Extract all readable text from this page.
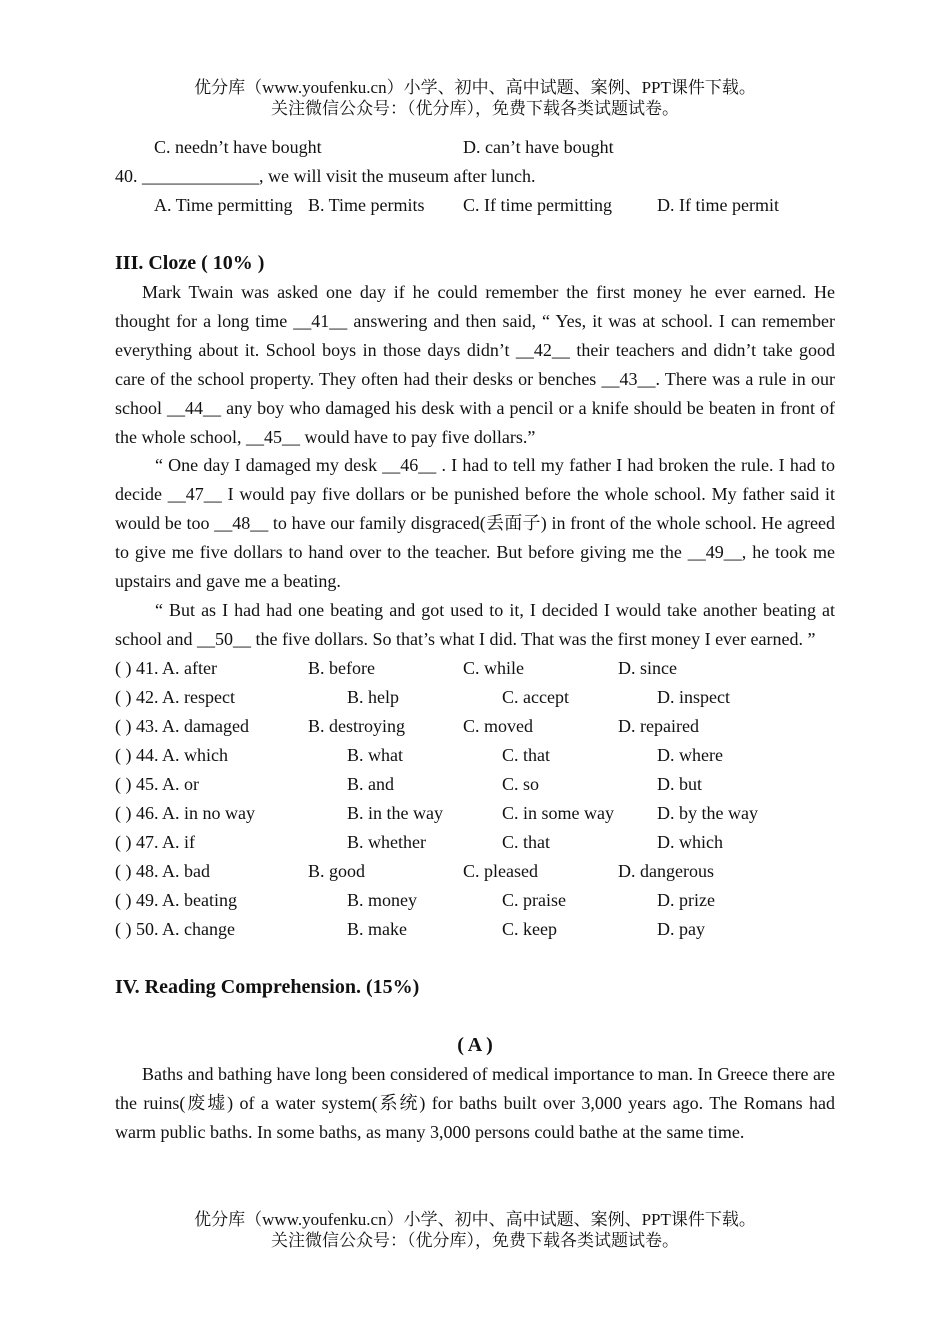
优分库（www.youfenku.cn）小学、初中、高中试题、案例、PPT课件下载。
关注微信公众号：（优分库），免费下载各类试题试卷。
C. needn’t have bought	D. can’t have bought
40. _____________, we will visit the museum after lunch.
A. Time permitting B. Time permits C. If time permitting	D. If time permit
III. Cloze ( 10% )

Mark Twain was asked one day if he could remember the first money he ever earned. He thought for a long time __41__ answering and then said, “ Yes, it was at school. I can remember everything about it. School boys in those days didn’t __42__ their teachers and didn’t take good care of the school property. They often had their desks or benches __43__. There was a rule in our school __44__ any boy who damaged his desk with a pencil or a knife should be beaten in front of the whole school, __45__ would have to pay five dollars.”

“ One day I damaged my desk __46__ . I had to tell my father I had broken the rule. I had to decide __47__ I would pay five dollars or be punished before the whole school. My father said it would be too __48__ to have our family disgraced(丢面子) in front of the whole school. He agreed to give me five dollars to hand over to the teacher. But before giving me the __49__, he took me upstairs and gave me a beating.

“ But as I had had one beating and got used to it, I decided I would take another beating at school and __50__ the five dollars. So that’s what I did. That was the first money I ever earned. ”

( ) 41. A. after	B. before	C. while	D. since
( ) 42. A. respect	B. help	C. accept	D. inspect
( ) 43. A. damaged	B. destroying	C. moved	D. repaired
( ) 44. A. which	B. what	C. that	D. where
( ) 45. A. or	B. and	C. so	D. but
( ) 46. A. in no way	B. in the way	C. in some way D. by the way
( ) 47. A. if	B. whether	C. that	D. which
( ) 48. A. bad	B. good	C. pleased	D. dangerous
( ) 49. A. beating	B. money	C. praise	D. prize
( ) 50. A. change	B. make	C. keep	D. pay
IV. Reading Comprehension. (15%)
( A )

Baths and bathing have long been considered of medical importance to man. In Greece there are the ruins(废墟) of a water system(系统) for baths built over 3,000 years ago. The Romans had warm public baths. In some baths, as many 3,000 persons could bathe at the same time.

优分库（www.youfenku.cn）小学、初中、高中试题、案例、PPT课件下载。
关注微信公众号：（优分库），免费下载各类试题试卷。
